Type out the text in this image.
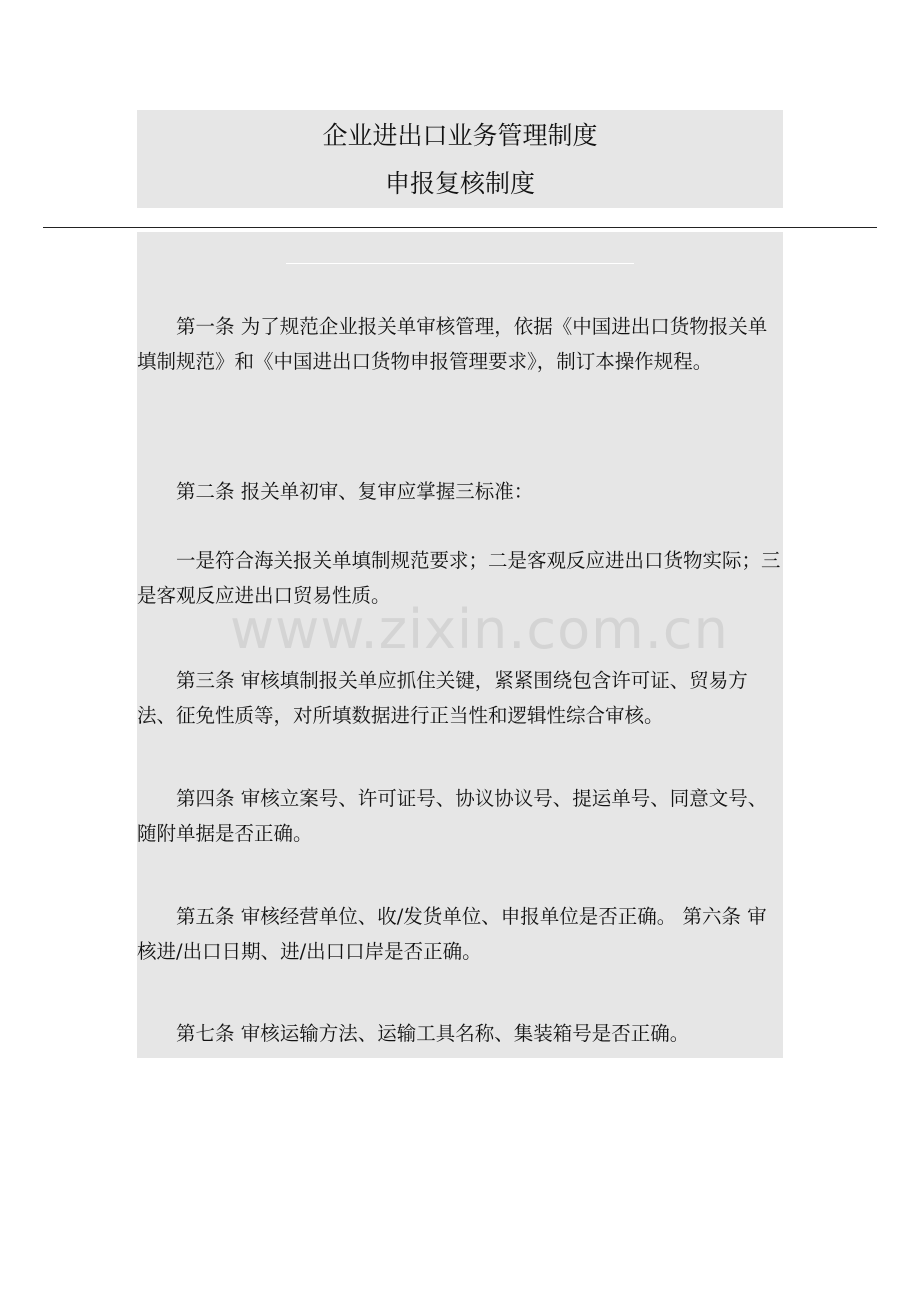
企业进出口业务管理制度
申报复核制度
第一条 为了规范企业报关单审核管理，依据《中国进出口货物报关单填制规范》和《中国进出口货物申报管理要求》，制订本操作规程。
第二条 报关单初审、复审应掌握三标准：
一是符合海关报关单填制规范要求；二是客观反应进出口货物实际；三是客观反应进出口贸易性质。
第三条 审核填制报关单应抓住关键，紧紧围绕包含许可证、贸易方法、征免性质等，对所填数据进行正当性和逻辑性综合审核。
第四条 审核立案号、许可证号、协议协议号、提运单号、同意文号、随附单据是否正确。
第五条 审核经营单位、收/发货单位、申报单位是否正确。 第六条 审核进/出口日期、进/出口口岸是否正确。
第七条 审核运输方法、运输工具名称、集装箱号是否正确。
www.zixin.com.cn
